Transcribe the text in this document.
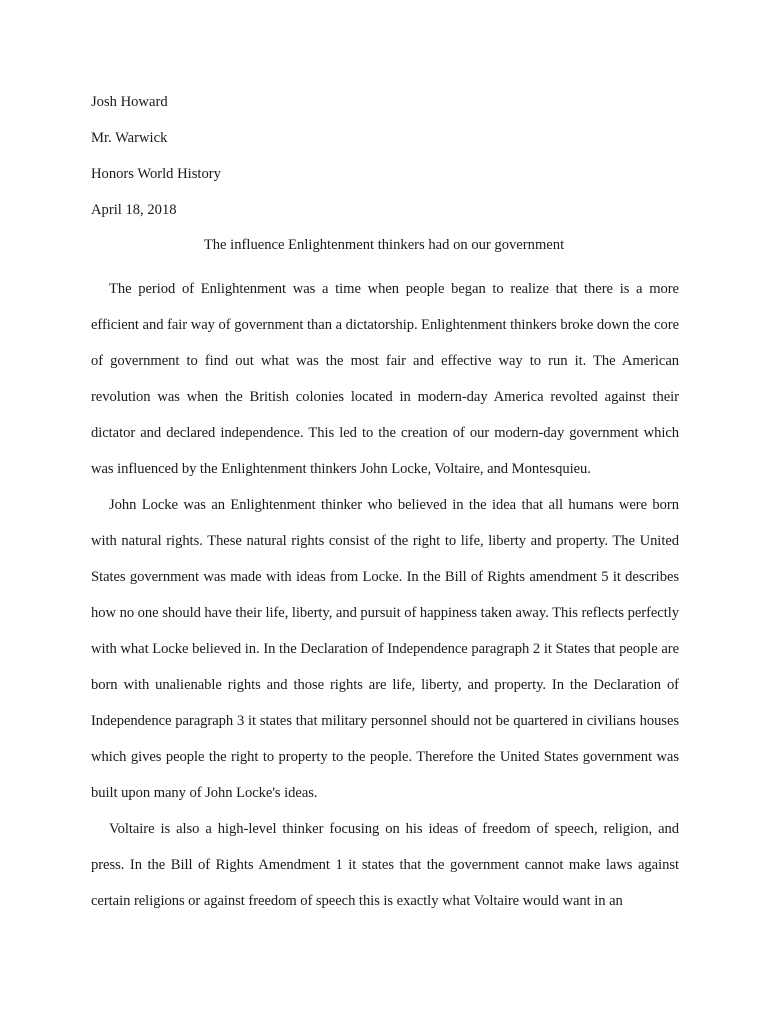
Josh Howard
Mr. Warwick
Honors World History
April 18, 2018
The influence Enlightenment thinkers had on our government

The period of Enlightenment was a time when people began to realize that there is a more efficient and fair way of government than a dictatorship. Enlightenment thinkers broke down the core of government to find out what was the most fair and effective way to run it. The American revolution was when the British colonies located in modern-day America revolted against their dictator and declared independence. This led to the creation of our modern-day government which was influenced by the Enlightenment thinkers John Locke, Voltaire, and Montesquieu.

John Locke was an Enlightenment thinker who believed in the idea that all humans were born with natural rights. These natural rights consist of the right to life, liberty and property. The United States government was made with ideas from Locke. In the Bill of Rights amendment 5 it describes how no one should have their life, liberty, and pursuit of happiness taken away. This reflects perfectly with what Locke believed in. In the Declaration of Independence paragraph 2 it States that people are born with unalienable rights and those rights are life, liberty, and property. In the Declaration of Independence paragraph 3 it states that military personnel should not be quartered in civilians houses which gives people the right to property to the people. Therefore the United States government was built upon many of John Locke's ideas.

Voltaire is also a high-level thinker focusing on his ideas of freedom of speech, religion, and press. In the Bill of Rights Amendment 1 it states that the government cannot make laws against certain religions or against freedom of speech this is exactly what Voltaire would want in an
